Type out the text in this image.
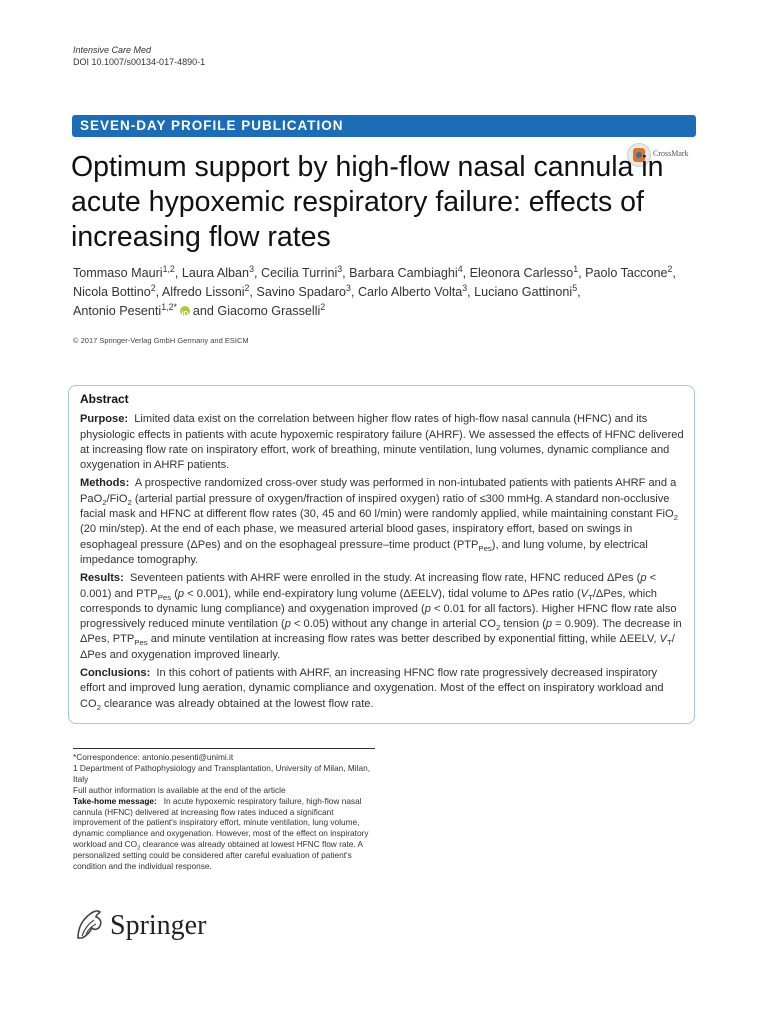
Intensive Care Med
DOI 10.1007/s00134-017-4890-1
SEVEN-DAY PROFILE PUBLICATION
CrossMark
Optimum support by high-flow nasal cannula in acute hypoxemic respiratory failure: effects of increasing flow rates
Tommaso Mauri$^{1,2}$, Laura Alban$^3$, Cecilia Turrini$^3$, Barbara Cambiaghi$^4$, Eleonora Carlesso$^1$, Paolo Taccone$^2$,
Nicola Bottino$^2$, Alfredo Lissoni$^2$, Savino Spadaro$^3$, Carlo Alberto Volta$^3$, Luciano Gattinoni$^5$,
Antonio Pesenti$^{1,2*}$
iD and Giacomo Grasselli$^2$
© 2017 Springer-Verlag GmbH Germany and ESICM
Abstract

Purpose:  Limited data exist on the correlation between higher flow rates of high-flow nasal cannula (HFNC) and its physiologic effects in patients with acute hypoxemic respiratory failure (AHRF). We assessed the effects of HFNC delivered at increasing flow rate on inspiratory effort, work of breathing, minute ventilation, lung volumes, dynamic compliance and oxygenation in AHRF patients.

Methods:  A prospective randomized cross-over study was performed in non-intubated patients with patients AHRF and a PaO$_2$/FiO$_2$ (arterial partial pressure of oxygen/fraction of inspired oxygen) ratio of ≤300 mmHg. A standard non-occlusive facial mask and HFNC at different flow rates (30, 45 and 60 l/min) were randomly applied, while maintaining constant FiO$_2$ (20 min/step). At the end of each phase, we measured arterial blood gases, inspiratory effort, based on swings in esophageal pressure (ΔPes) and on the esophageal pressure–time product $(PTP_{Pes})$, and lung volume, by electrical impedance tomography.

Results:  Seventeen patients with AHRF were enrolled in the study. At increasing flow rate, HFNC reduced ΔPes (p < 0.001) and $PTP_{Pes}$ (p < 0.001), while end-expiratory lung volume (ΔEELV), tidal volume to ΔPes ratio ($V_T$/ΔPes, which corresponds to dynamic lung compliance) and oxygenation improved (p < 0.01 for all factors). Higher HFNC flow rate also progressively reduced minute ventilation (p < 0.05) without any change in arterial $CO_2$ tension (p = 0.909). The decrease in ΔPes, $PTP_{Pes}$ and minute ventilation at increasing flow rates was better described by exponential fitting, while ΔEELV, $V_T$/ΔPes and oxygenation improved linearly.

Conclusions:  In this cohort of patients with AHRF, an increasing HFNC flow rate progressively decreased inspiratory effort and improved lung aeration, dynamic compliance and oxygenation. Most of the effect on inspiratory workload and $CO_2$ clearance was already obtained at the lowest flow rate.

*Correspondence: antonio.pesenti@unimi.it

1 Department of Pathophysiology and Transplantation, University of Milan, Milan, Italy

Full author information is available at the end of the article

Take-home message:   In acute hypoxemic respiratory failure, high-flow nasal cannula (HFNC) delivered at increasing flow rates induced a significant improvement of the patient's inspiratory effort, minute ventilation, lung volume, dynamic compliance and oxygenation. However, most of the effect on inspiratory workload and $CO_2$ clearance was already obtained at lowest HFNC flow rate. A personalized setting could be considered after careful evaluation of patient's condition and the individual response.

Springer
